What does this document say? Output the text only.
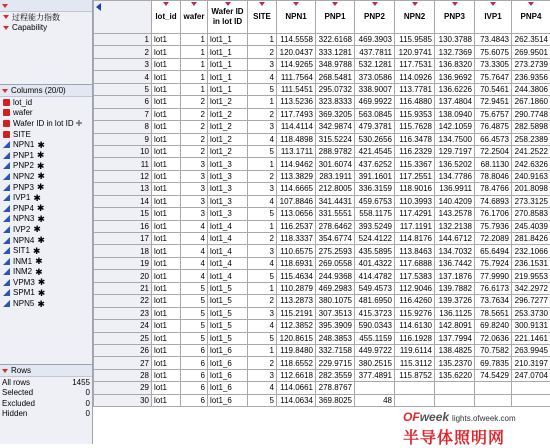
过程能力指数
Capability
Columns (20/0)
lot_id
wafer
Wafer ID in lot ID ✚
SITE
NPN1 ✱
PNP1 ✱
PNP2 ✱
NPN2 ✱
PNP3 ✱
IVP1 ✱
PNP4 ✱
NPN3 ✱
IVP2 ✱
NPN4 ✱
SIT1 ✱
INM1 ✱
INM2 ✱
VPM3 ✱
SPM1 ✱
NPN5 ✱
Rows
All rows	1455
Selected	0
Excluded	0
Hidden	0

lot_id	wafer	Wafer ID in lot ID	SITE	NPN1	PNP1	PNP2	NPN2	PNP3	IVP1	PNP4
1	lot1	1	lot1_1	1	114.5558	322.6168	469.3903	115.9585	130.3788	73.4843	262.3514
2	lot1	1	lot1_1	2	120.0437	333.1281	437.7811	120.9741	132.7369	75.6075	269.9501
3	lot1	1	lot1_1	3	114.9265	348.9788	532.1281	117.7531	136.8320	73.3305	273.2739
4	lot1	1	lot1_1	4	111.7564	268.5481	373.0586	114.0926	136.9692	75.7647	236.9356
5	lot1	1	lot1_1	5	111.5451	295.0732	338.9007	113.7781	136.6226	70.5461	244.3806
6	lot1	2	lot1_2	1	113.5236	323.8333	469.9922	116.4880	137.4804	72.9451	267.1860
7	lot1	2	lot1_2	2	117.7493	369.3205	563.0845	115.9353	138.0940	75.6757	290.7748
8	lot1	2	lot1_2	3	114.4114	342.9874	479.3781	115.7628	142.1059	76.4875	282.5898
9	lot1	2	lot1_2	4	118.4898	315.5224	530.2656	116.3478	134.7500	66.4573	258.2389
10	lot1	2	lot1_2	5	113.1711	288.9782	421.4545	116.2329	129.7197	72.2504	241.2522
11	lot1	3	lot1_3	1	114.9462	301.6074	437.6252	115.3367	136.5202	68.1130	242.6326
12	lot1	3	lot1_3	2	113.3829	283.1911	391.1601	117.2551	134.7786	78.8046	240.9163
13	lot1	3	lot1_3	3	114.6665	212.8005	336.3159	118.9016	136.9911	78.4766	201.8098
14	lot1	3	lot1_3	4	107.8846	341.4431	459.6753	110.3993	140.4209	74.6893	273.3125
15	lot1	3	lot1_3	5	113.0656	331.5551	558.1175	117.4291	143.2578	76.1706	270.8583
16	lot1	4	lot1_4	1	116.2537	278.6462	393.5249	117.1191	132.2138	75.7936	245.4039
17	lot1	4	lot1_4	2	118.3337	354.6774	524.4122	114.8176	144.6712	72.2089	281.8426
18	lot1	4	lot1_4	3	110.6575	275.2593	435.5895	113.8463	134.7032	65.6494	232.1066
19	lot1	4	lot1_4	4	118.6931	269.0558	401.4322	117.6888	136.7442	75.7924	236.1531
20	lot1	4	lot1_4	5	115.4634	244.9368	414.4782	117.5383	137.1876	77.9990	219.9553
21	lot1	5	lot1_5	1	110.2879	469.2983	549.4573	112.9046	139.7882	76.6173	342.2972
22	lot1	5	lot1_5	2	113.2873	380.1075	481.6950	116.4260	139.3726	73.7634	296.7277
23	lot1	5	lot1_5	3	115.2191	307.3513	415.3723	115.9276	136.1125	78.5651	253.3730
24	lot1	5	lot1_5	4	112.3852	395.3909	590.0343	114.6130	142.8091	69.8240	300.9131
25	lot1	5	lot1_5	5	120.8615	248.3853	455.1159	116.1928	137.7994	72.0636	221.1461
26	lot1	6	lot1_6	1	119.8480	332.7158	449.9722	119.6114	138.4825	70.7582	263.9945
27	lot1	6	lot1_6	2	118.6552	229.9715	380.2515	115.3112	135.2370	69.7835	210.3197
28	lot1	6	lot1_6	3	112.6618	282.3559	377.4891	115.8752	135.6220	74.5429	247.0704
29	lot1	6	lot1_6	4	114.0661	278.8767					
30	lot1	6	lot1_6	5	114.0634	369.8025	48				
OFweek lights.ofweek.com
半导体照明网
